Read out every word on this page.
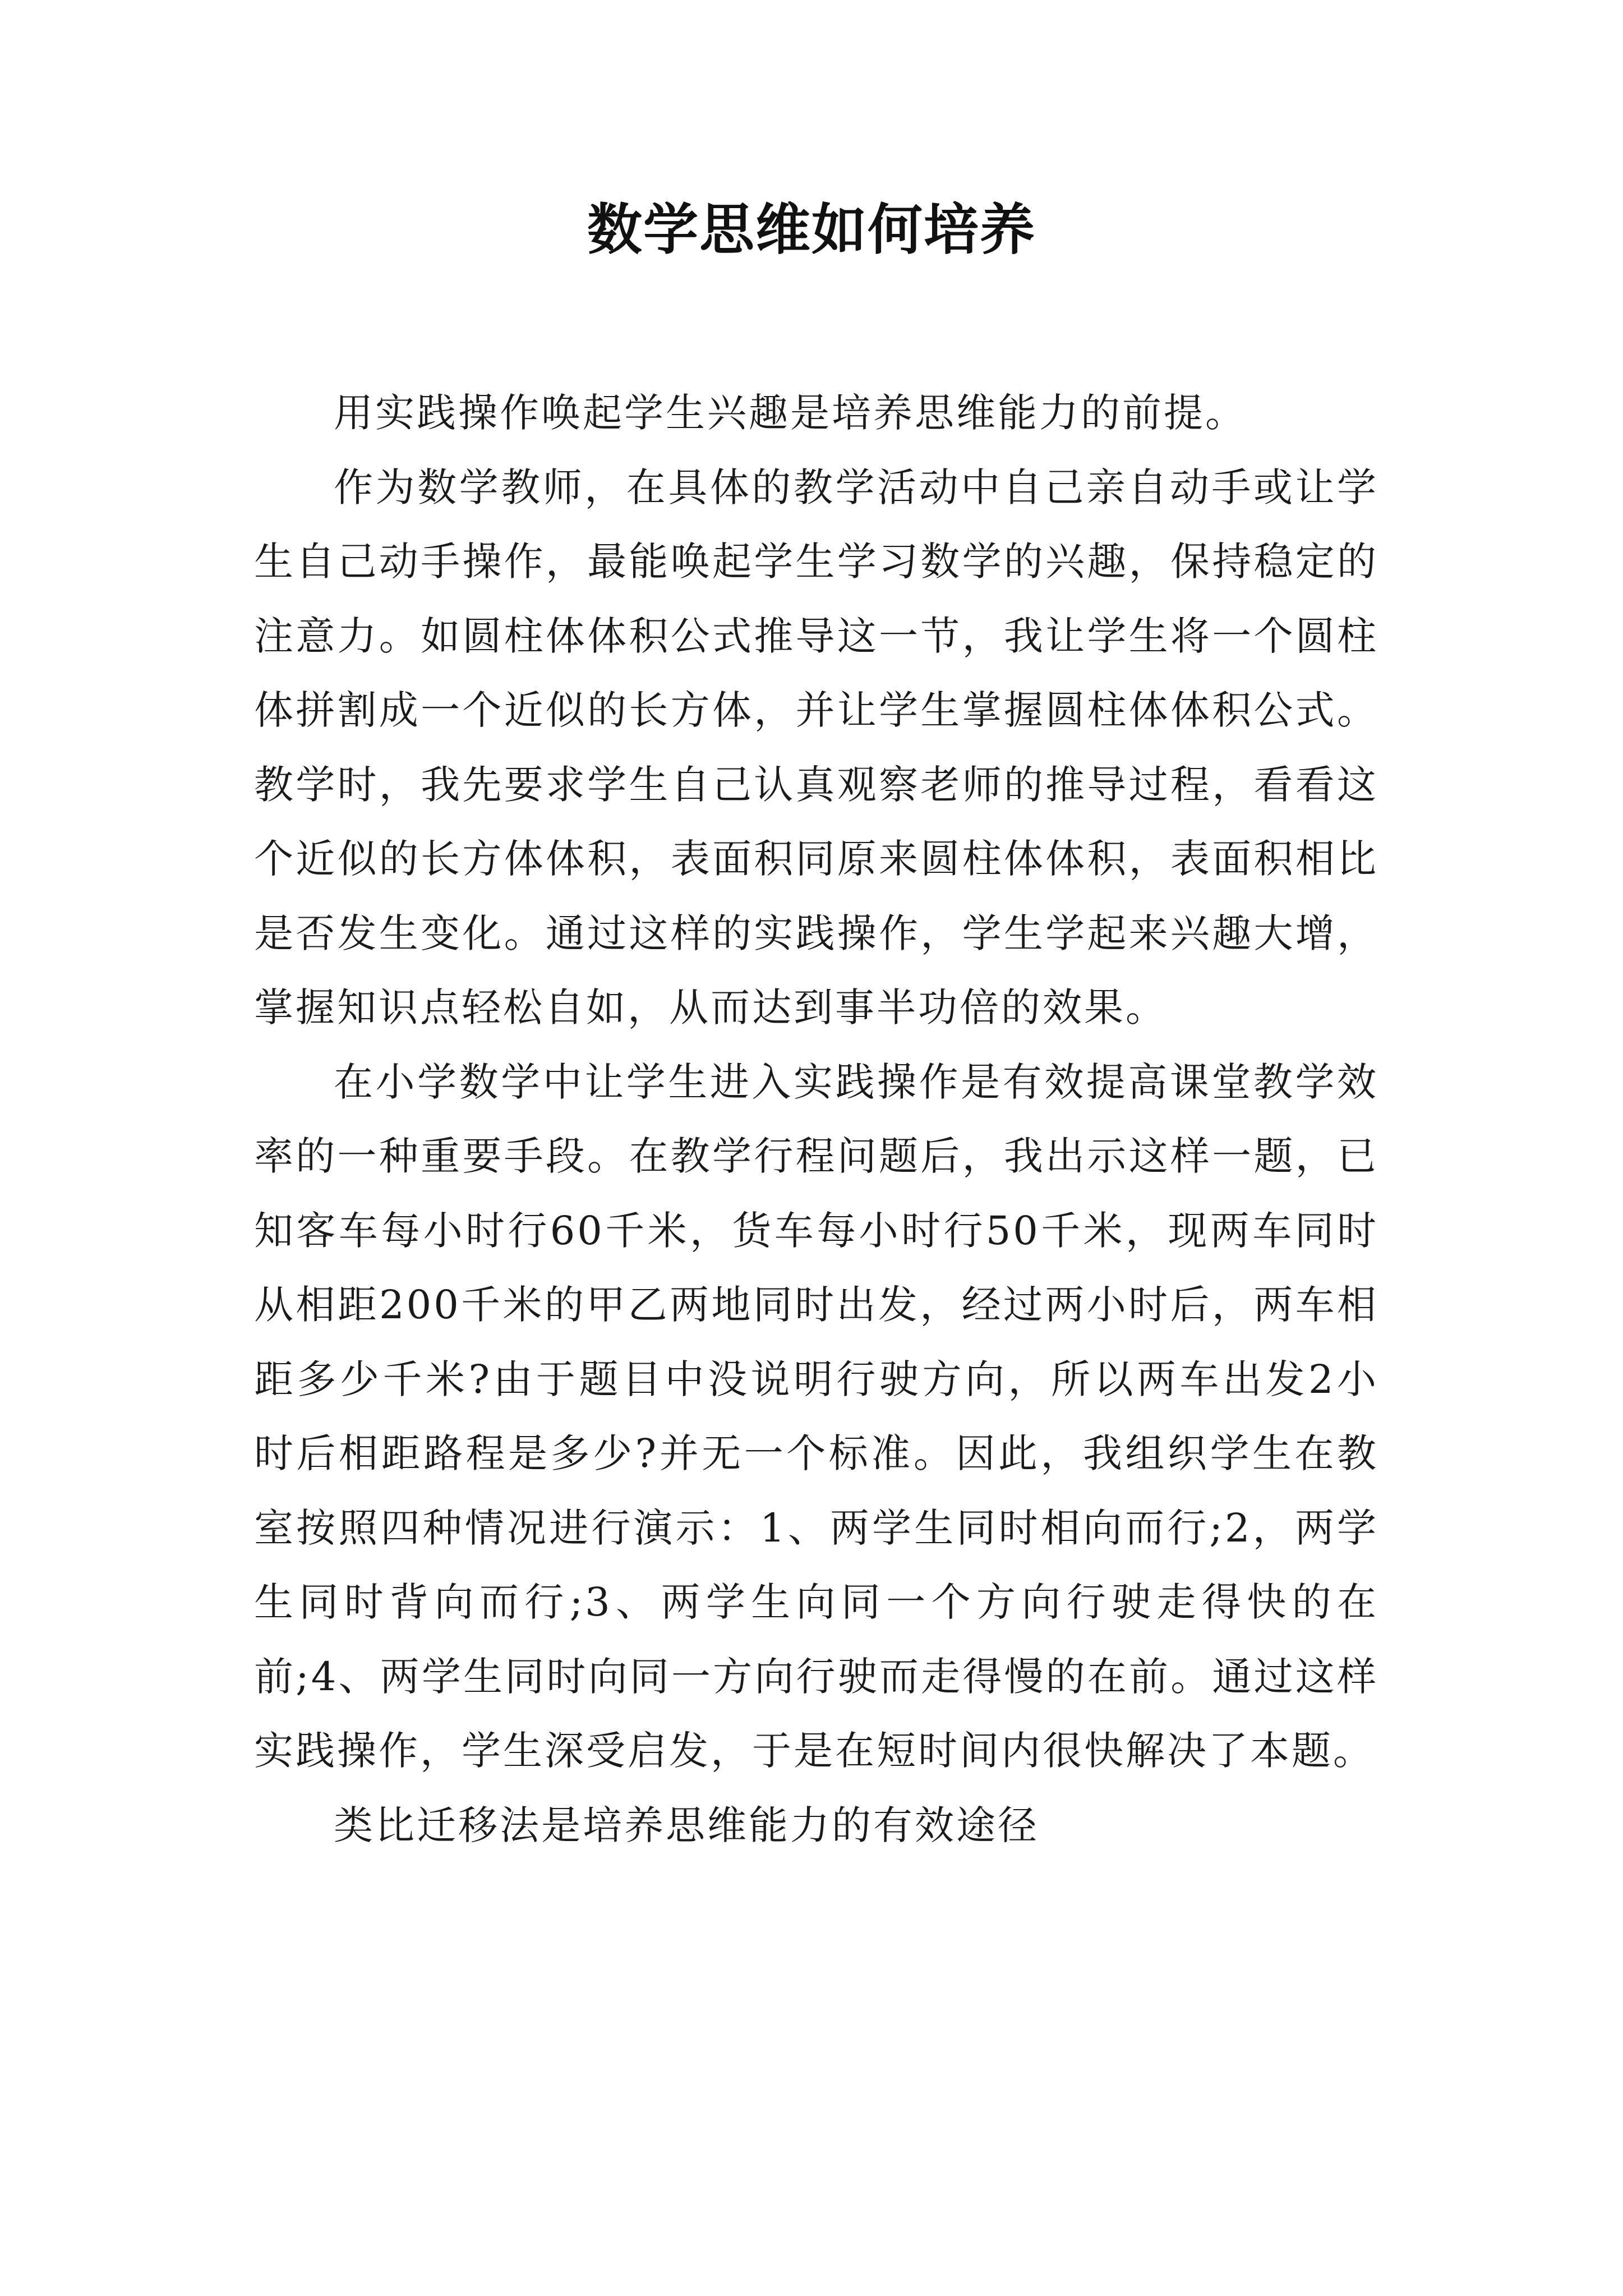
数学思维如何培养

用实践操作唤起学生兴趣是培养思维能力的前提。

作为数学教师，在具体的教学活动中自己亲自动手或让学生自己动手操作，最能唤起学生学习数学的兴趣，保持稳定的注意力。如圆柱体体积公式推导这一节，我让学生将一个圆柱体拼割成一个近似的长方体，并让学生掌握圆柱体体积公式。教学时，我先要求学生自己认真观察老师的推导过程，看看这个近似的长方体体积，表面积同原来圆柱体体积，表面积相比是否发生变化。通过这样的实践操作，学生学起来兴趣大增，掌握知识点轻松自如，从而达到事半功倍的效果。

在小学数学中让学生进入实践操作是有效提高课堂教学效率的一种重要手段。在教学行程问题后，我出示这样一题，已知客车每小时行60千米，货车每小时行50千米，现两车同时从相距200千米的甲乙两地同时出发，经过两小时后，两车相距多少千米?由于题目中没说明行驶方向，所以两车出发2小时后相距路程是多少?并无一个标准。因此，我组织学生在教室按照四种情况进行演示：1、两学生同时相向而行;2，两学生同时背向而行;3、两学生向同一个方向行驶走得快的在前;4、两学生同时向同一方向行驶而走得慢的在前。通过这样实践操作，学生深受启发，于是在短时间内很快解决了本题。

类比迁移法是培养思维能力的有效途径
